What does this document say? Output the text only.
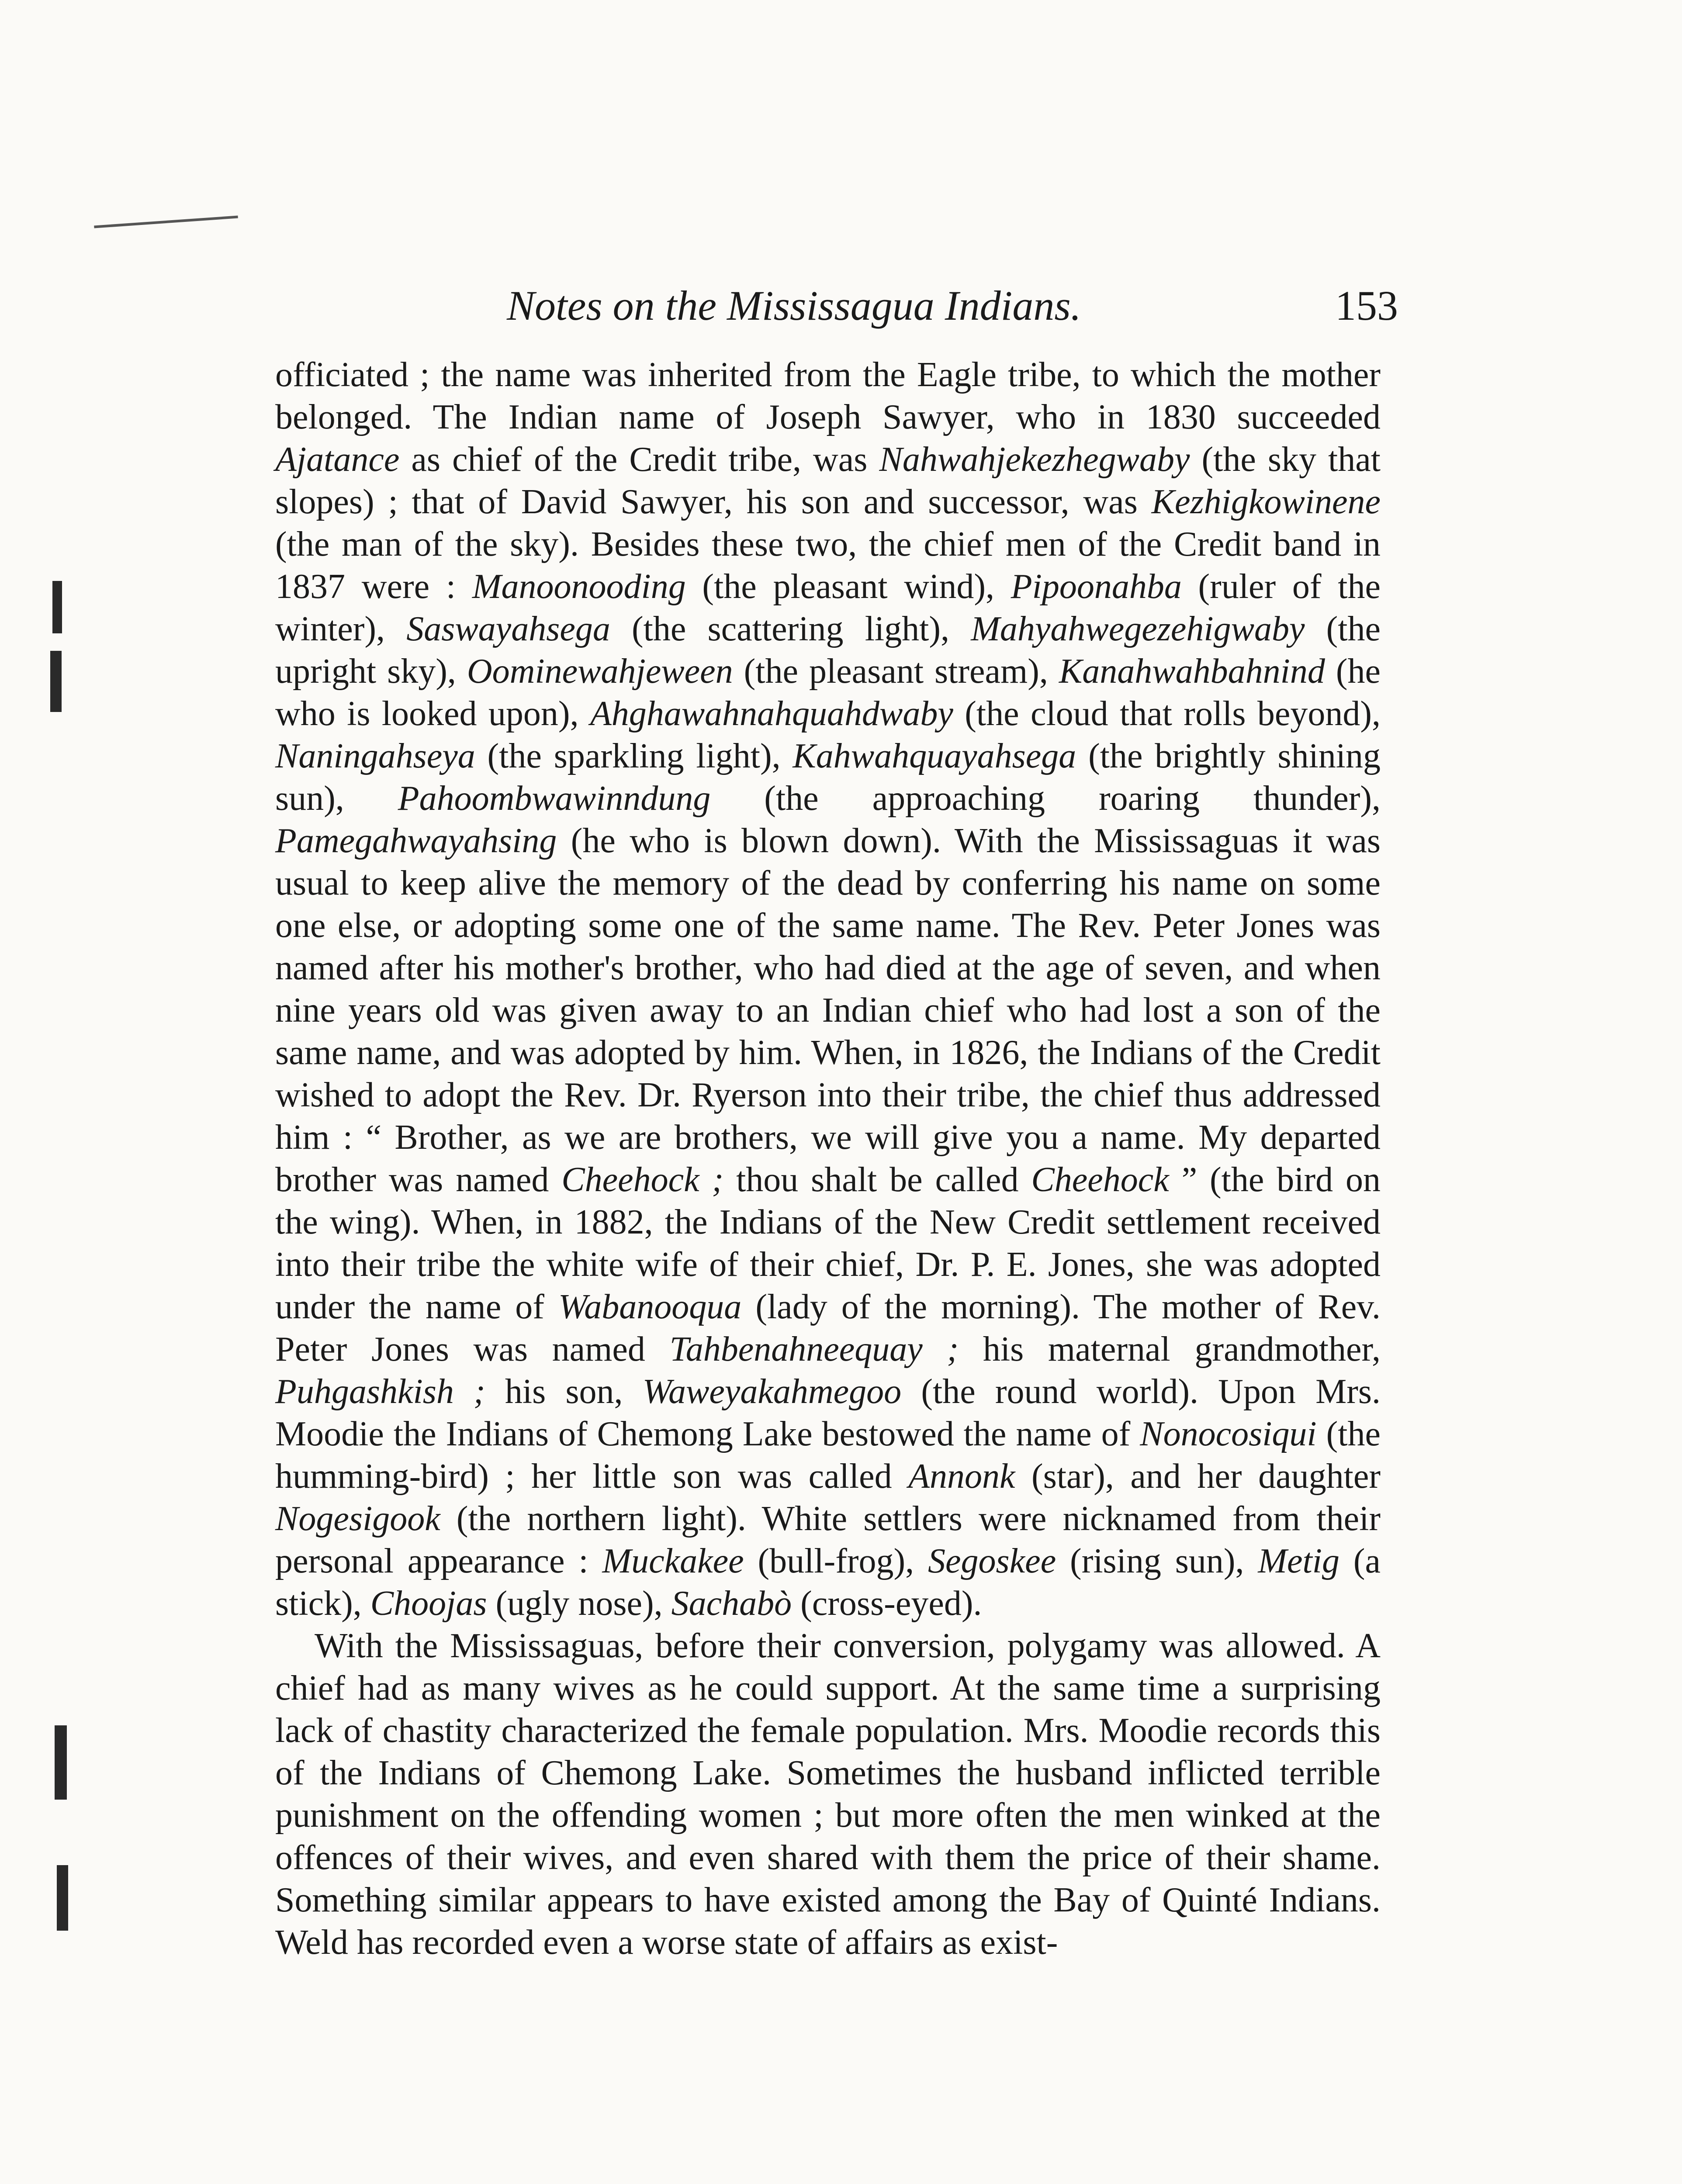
Notes on the Mississagua Indians.	153

officiated ; the name was inherited from the Eagle tribe, to which the mother belonged. The Indian name of Joseph Sawyer, who in 1830 succeeded Ajatance as chief of the Credit tribe, was Nahwahjekezhegwaby (the sky that slopes) ; that of David Sawyer, his son and successor, was Kezhigkowinene (the man of the sky). Besides these two, the chief men of the Credit band in 1837 were : Manoonooding (the pleasant wind), Pipoonahba (ruler of the winter), Saswayahsega (the scattering light), Mahyahwegezehigwaby (the upright sky), Oominewahjeween (the pleasant stream), Kanahwahbahnind (he who is looked upon), Ahghawahnahquahdwaby (the cloud that rolls beyond), Naningahseya (the sparkling light), Kahwahquayahsega (the brightly shining sun), Pahoombwawinndung (the approaching roaring thunder), Pamegahwayahsing (he who is blown down). With the Mississaguas it was usual to keep alive the memory of the dead by conferring his name on some one else, or adopting some one of the same name. The Rev. Peter Jones was named after his mother's brother, who had died at the age of seven, and when nine years old was given away to an Indian chief who had lost a son of the same name, and was adopted by him. When, in 1826, the Indians of the Credit wished to adopt the Rev. Dr. Ryerson into their tribe, the chief thus addressed him : “ Brother, as we are brothers, we will give you a name. My departed brother was named Cheehock ; thou shalt be called Cheehock ” (the bird on the wing). When, in 1882, the Indians of the New Credit settlement received into their tribe the white wife of their chief, Dr. P. E. Jones, she was adopted under the name of Wabanooqua (lady of the morning). The mother of Rev. Peter Jones was named Tahbenahneequay ; his maternal grandmother, Puhgashkish ; his son, Waweyakahmegoo (the round world). Upon Mrs. Moodie the Indians of Chemong Lake bestowed the name of Nonocosiqui (the humming-bird) ; her little son was called Annonk (star), and her daughter Nogesigook (the northern light). White settlers were nicknamed from their personal appearance : Muckakee (bull-frog), Segoskee (rising sun), Metig (a stick), Choojas (ugly nose), Sachabò (cross-eyed).

With the Mississaguas, before their conversion, polygamy was allowed. A chief had as many wives as he could support. At the same time a surprising lack of chastity characterized the female population. Mrs. Moodie records this of the Indians of Chemong Lake. Sometimes the husband inflicted terrible punishment on the offending women ; but more often the men winked at the offences of their wives, and even shared with them the price of their shame. Something similar appears to have existed among the Bay of Quinté Indians. Weld has recorded even a worse state of affairs as exist-
